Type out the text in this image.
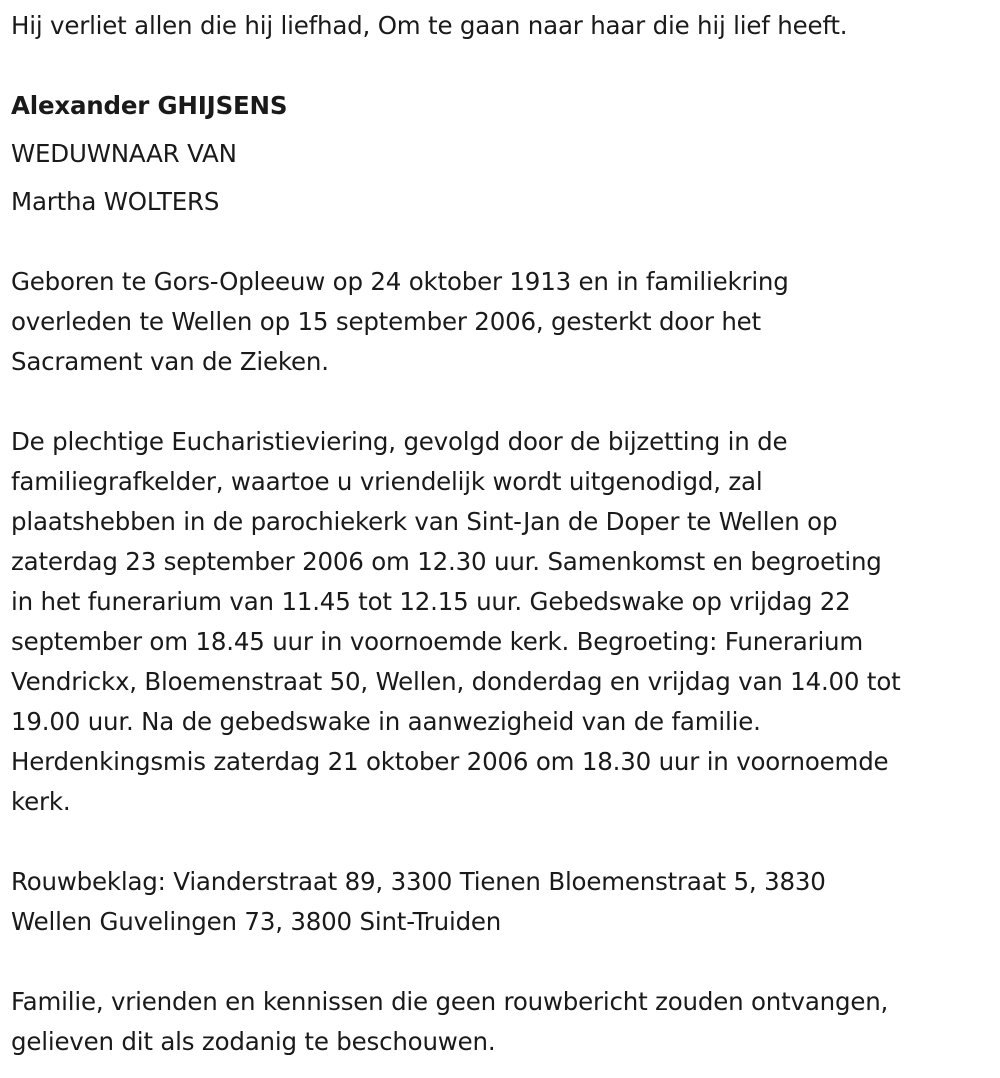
Hij verliet allen die hij liefhad, Om te gaan naar haar die hij lief heeft.

Alexander GHIJSENS

WEDUWNAAR VAN

Martha WOLTERS

Geboren te Gors-Opleeuw op 24 oktober 1913 en in familiekring
overleden te Wellen op 15 september 2006, gesterkt door het
Sacrament van de Zieken.

De plechtige Eucharistieviering, gevolgd door de bijzetting in de
familiegrafkelder, waartoe u vriendelijk wordt uitgenodigd, zal
plaatshebben in de parochiekerk van Sint-Jan de Doper te Wellen op
zaterdag 23 september 2006 om 12.30 uur. Samenkomst en begroeting
in het funerarium van 11.45 tot 12.15 uur. Gebedswake op vrijdag 22
september om 18.45 uur in voornoemde kerk. Begroeting: Funerarium
Vendrickx, Bloemenstraat 50, Wellen, donderdag en vrijdag van 14.00 tot
19.00 uur. Na de gebedswake in aanwezigheid van de familie.
Herdenkingsmis zaterdag 21 oktober 2006 om 18.30 uur in voornoemde
kerk.

Rouwbeklag: Vianderstraat 89, 3300 Tienen Bloemenstraat 5, 3830
Wellen Guvelingen 73, 3800 Sint-Truiden

Familie, vrienden en kennissen die geen rouwbericht zouden ontvangen,
gelieven dit als zodanig te beschouwen.
